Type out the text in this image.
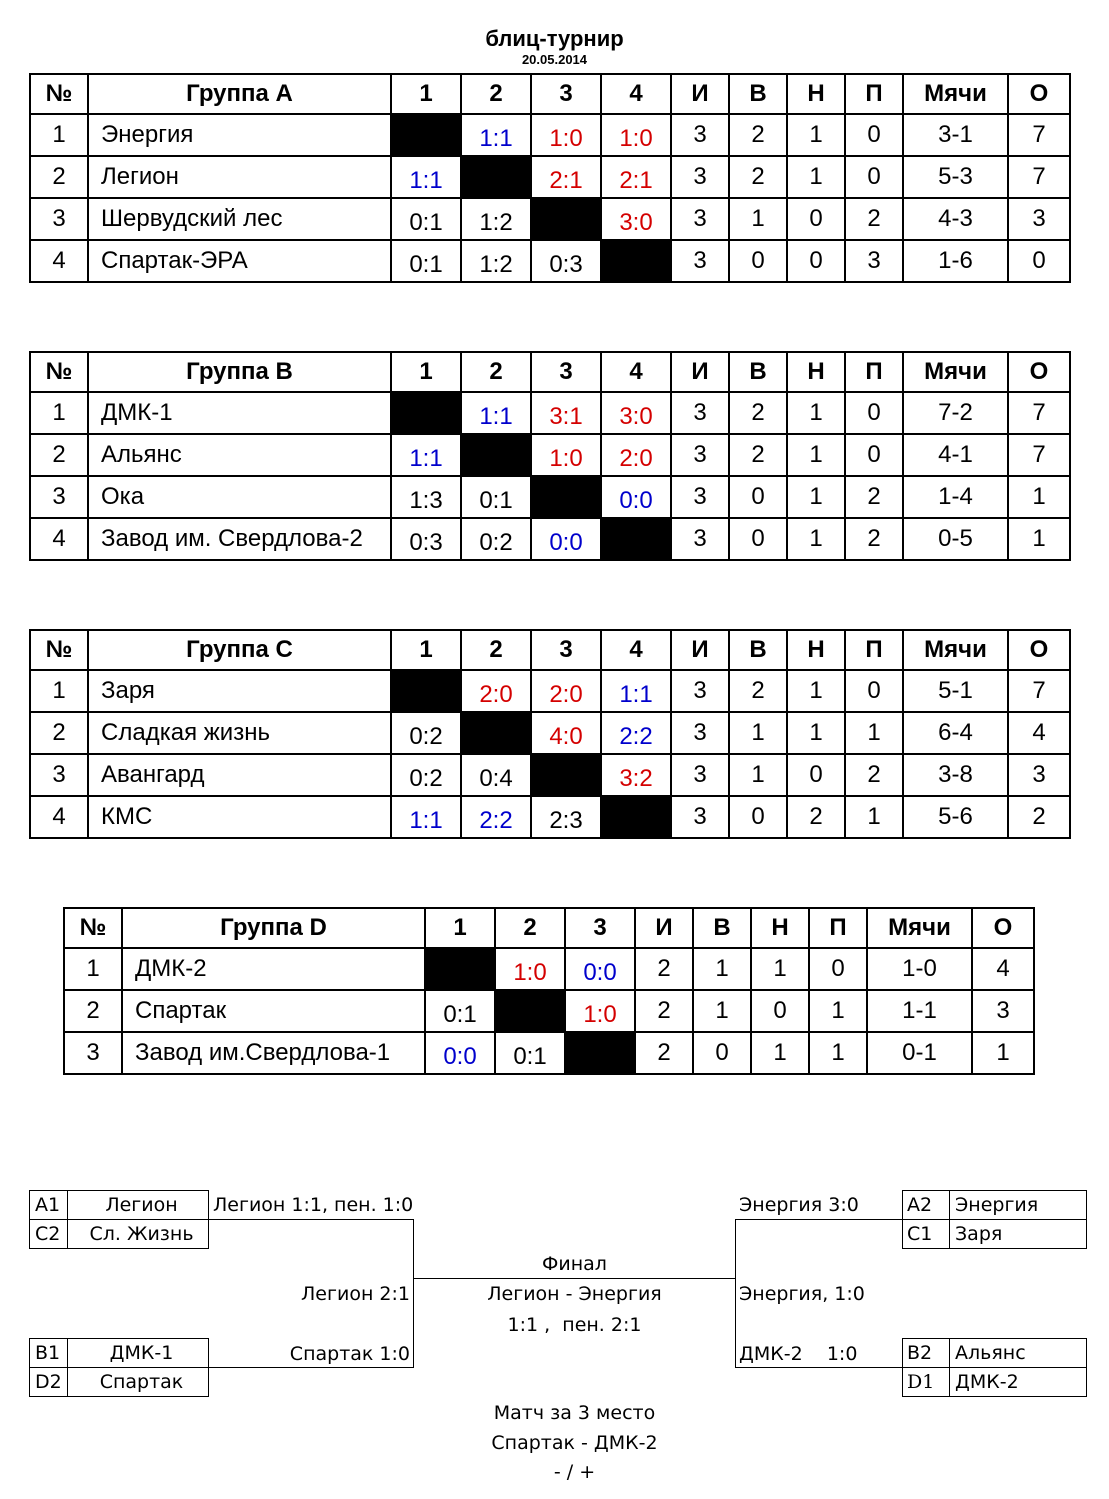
блиц-турнир
20.05.2014
№	Группа А	1	2	3	4	И	В	Н	П	Мячи	О
1	Энергия		1:1	1:0	1:0	3	2	1	0	3-1	7
2	Легион	1:1		2:1	2:1	3	2	1	0	5-3	7
3	Шервудский лес	0:1	1:2		3:0	3	1	0	2	4-3	3
4	Спартак-ЭРА	0:1	1:2	0:3		3	0	0	3	1-6	0
№	Группа В	1	2	3	4	И	В	Н	П	Мячи	О
1	ДМК-1		1:1	3:1	3:0	3	2	1	0	7-2	7
2	Альянс	1:1		1:0	2:0	3	2	1	0	4-1	7
3	Ока	1:3	0:1		0:0	3	0	1	2	1-4	1
4	Завод им. Свердлова-2	0:3	0:2	0:0		3	0	1	2	0-5	1
№	Группа С	1	2	3	4	И	В	Н	П	Мячи	О
1	Заря		2:0	2:0	1:1	3	2	1	0	5-1	7
2	Сладкая жизнь	0:2		4:0	2:2	3	1	1	1	6-4	4
3	Авангард	0:2	0:4		3:2	3	1	0	2	3-8	3
4	КМС	1:1	2:2	2:3		3	0	2	1	5-6	2
№	Группа D	1	2	3	И	В	Н	П	Мячи	О
1	ДМК-2		1:0	0:0	2	1	1	0	1-0	4
2	Спартак	0:1		1:0	2	1	0	1	1-1	3
3	Завод им.Свердлова-1	0:0	0:1		2	0	1	1	0-1	1
A1	Легион
C2	Сл. Жизнь
B1	ДМК-1
D2	Спартак
A2 Энергия
C1 Заря
B2 Альянс
D1 ДМК-2
Легион 1:1, пен. 1:0
Спартак 1:0
Легион 2:1
Энергия 3:0
ДМК-2    1:0
Энергия, 1:0
Финал
Легион - Энергия
1:1 ,  пен. 2:1
Матч за 3 место
Спартак - ДМК-2
- / +
